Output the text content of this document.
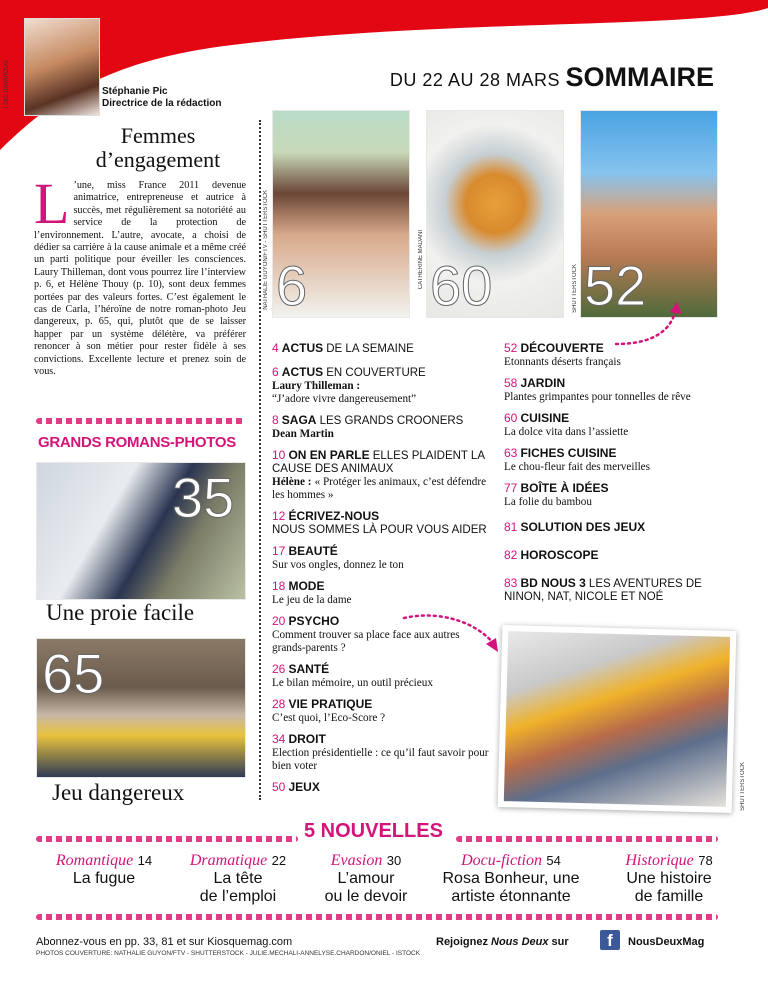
LOÏC BAVAROUX	Stéphanie Pic
Directrice de la rédaction
DU 22 AU 28 MARS SOMMAIRE
Femmes
d’engagement
L ’une, miss France 2011 devenue animatrice, entrepreneuse et autrice à succès, met régulièrement sa notoriété au service de la protection de l’environnement. L’autre, avocate, a choisi de dédier sa carrière à la cause animale et a même créé un parti politique pour éveiller les consciences. Laury Thilleman, dont vous pourrez lire l’interview p. 6, et Hélène Thouy (p. 10), sont deux femmes portées par des valeurs fortes. C’est également le cas de Carla, l’héroïne de notre roman-photo Jeu dangereux, p. 65, qui, plutôt que de se laisser happer par un système délétère, va préférer renoncer à son métier pour rester fidèle à ses convictions. Excellente lecture et prenez soin de vous.
GRANDS ROMANS-PHOTOS
35
Une proie facile
65
Jeu dangereux
6
NATHALIE GUYON/FTV - SHUTTERSTOCK	60
CATHERINE MADANI	52
SHUTTERSTOCK
4 ACTUS DE LA SEMAINE
6 ACTUS EN COUVERTURE
Laury Thilleman :
“J’adore vivre dangereusement”
8 SAGA LES GRANDS CROONERS
Dean Martin
10 ON EN PARLE ELLES PLAIDENT LA CAUSE DES ANIMAUX
Hélène : « Protéger les animaux, c’est défendre les hommes »
12 ÉCRIVEZ-NOUS
NOUS SOMMES LÀ POUR VOUS AIDER
17 BEAUTÉ
Sur vos ongles, donnez le ton
18 MODE
Le jeu de la dame
20 PSYCHO
Comment trouver sa place face aux autres grands-parents ?
26 SANTÉ
Le bilan mémoire, un outil précieux
28 VIE PRATIQUE
C’est quoi, l’Eco-Score ?
34 DROIT
Election présidentielle : ce qu’il faut savoir pour bien voter
50 JEUX
52 DÉCOUVERTE
Etonnants déserts français
58 JARDIN
Plantes grimpantes pour tonnelles de rêve
60 CUISINE
La dolce vita dans l’assiette
63 FICHES CUISINE
Le chou-fleur fait des merveilles
77 BOÎTE À IDÉES
La folie du bambou
81 SOLUTION DES JEUX
82 HOROSCOPE
83 BD NOUS 3 LES AVENTURES DE NINON, NAT, NICOLE ET NOÉ
SHUTTERSTOCK
5 NOUVELLES
Romantique 14
La fugue
Dramatique 22
La tête
de l’emploi
Evasion 30
L’amour
ou le devoir
Docu-fiction 54
Rosa Bonheur, une
artiste étonnante
Historique 78
Une histoire
de famille
Abonnez-vous en pp. 33, 81 et sur Kiosquemag.com
PHOTOS COUVERTURE: NATHALIE GUYON/FTV - SHUTTERSTOCK - JULIE.MECHALI-ANNELYSE.CHARDON/ONIEL - ISTOCK
Rejoignez Nous Deux sur	f	NousDeuxMag
